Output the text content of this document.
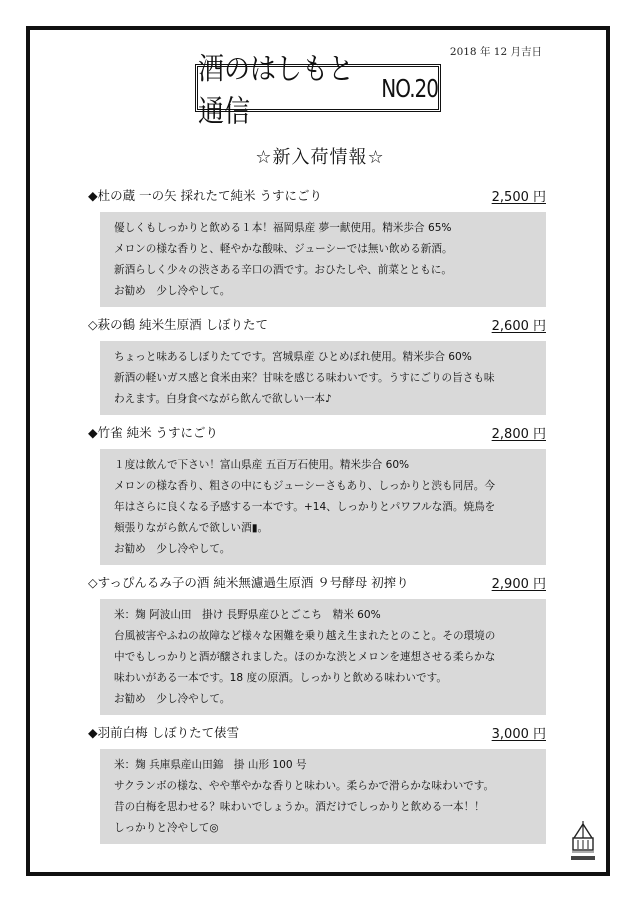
2018 年 12 月吉日
酒のはしもと通信
NO.20
☆新入荷情報☆
◆杜の蔵 一の矢 採れたて純米 うすにごり	2,500 円
優しくもしっかりと飲める１本！福岡県産 夢一献使用。精米歩合 65%
メロンの様な香りと、軽やかな酸味、ジューシーでは無い飲める新酒。
新酒らしく少々の渋さある辛口の酒です。おひたしや、前菜とともに。
お勧め　少し冷やして。
◇萩の鶴 純米生原酒 しぼりたて	2,600 円
ちょっと味あるしぼりたてです。宮城県産 ひとめぼれ使用。精米歩合 60%
新酒の軽いガス感と食米由来？甘味を感じる味わいです。うすにごりの旨さも味
わえます。白身食べながら飲んで欲しい一本♪
◆竹雀 純米 うすにごり	2,800 円
１度は飲んで下さい！富山県産 五百万石使用。精米歩合 60%
メロンの様な香り、粗さの中にもジューシーさもあり、しっかりと渋も同居。今
年はさらに良くなる予感する一本です。+14、しっかりとパワフルな酒。焼鳥を
頬張りながら飲んで欲しい酒▮。
お勧め　少し冷やして。
◇すっぴんるみ子の酒 純米無濾過生原酒 ９号酵母 初搾り	2,900 円
米：麹 阿波山田　掛け 長野県産ひとごこち　精米 60%
台風被害やふねの故障など様々な困難を乗り越え生まれたとのこと。その環境の
中でもしっかりと酒が醸されました。ほのかな渋とメロンを連想させる柔らかな
味わいがある一本です。18 度の原酒。しっかりと飲める味わいです。
お勧め　少し冷やして。
◆羽前白梅 しぼりたて俵雪	3,000 円
米：麹 兵庫県産山田錦　掛 山形 100 号
サクランボの様な、やや華やかな香りと味わい。柔らかで滑らかな味わいです。
昔の白梅を思わせる？味わいでしょうか。酒だけでしっかりと飲める一本！！
しっかりと冷やして◎
